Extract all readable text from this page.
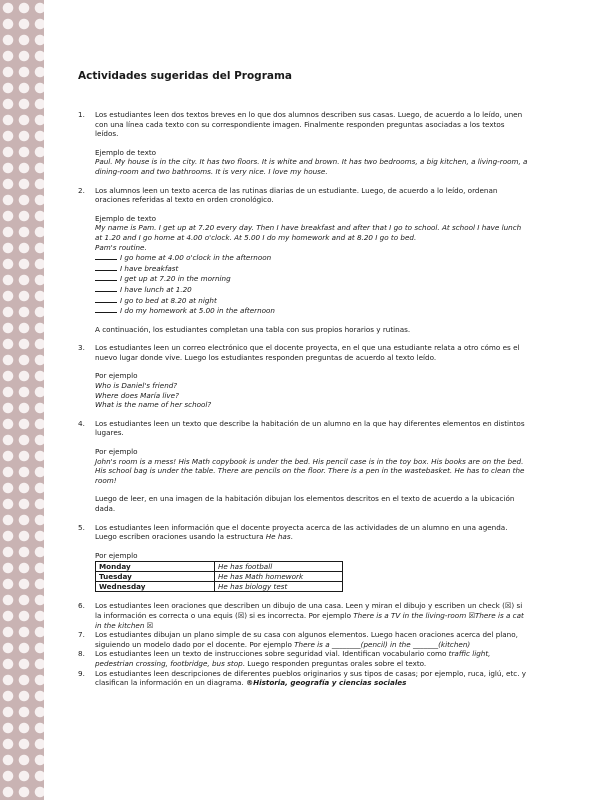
Actividades sugeridas del Programa
1. Los estudiantes leen dos textos breves en lo que dos alumnos describen sus casas. Luego, de acuerdo a lo leído, unen con una línea cada texto con su correspondiente imagen. Finalmente responden preguntas asociadas a los textos leídos.

Ejemplo de texto

Paul. My house is in the city. It has two floors. It is white and brown. It has two bedrooms, a big kitchen, a living-room, a dining-room and two bathrooms. It is very nice. I love my house.

2. Los alumnos leen un texto acerca de las rutinas diarias de un estudiante. Luego, de acuerdo a lo leído, ordenan oraciones referidas al texto en orden cronológico.

Ejemplo de texto

My name is Pam. I get up at 7.20 every day. Then I have breakfast and after that I go to school. At school I have lunch at 1.20 and I go home at 4.00 o'clock. At 5.00 I do my homework and at 8.20 I go to bed.

Pam's routine.

I go home at 4.00 o'clock in the afternoon

I have breakfast

I get up at 7.20 in the morning

I have lunch at 1.20

I go to bed at 8.20 at night

I do my homework at 5.00 in the afternoon

A continuación, los estudiantes completan una tabla con sus propios horarios y rutinas.

3. Los estudiantes leen un correo electrónico que el docente proyecta, en el que una estudiante relata a otro cómo es el nuevo lugar donde vive. Luego los estudiantes responden preguntas de acuerdo al texto leído.

Por ejemplo

Who is Daniel's friend?

Where does María live?

What is the name of her school?

4. Los estudiantes leen un texto que describe la habitación de un alumno en la que hay diferentes elementos en distintos lugares.

Por ejemplo

John's room is a mess! His Math copybook is under the bed. His pencil case is in the toy box. His books are on the bed. His school bag is under the table. There are pencils on the floor. There is a pen in the wastebasket. He has to clean the room!

Luego de leer, en una imagen de la habitación dibujan los elementos descritos en el texto de acuerdo a la ubicación dada.

5. Los estudiantes leen información que el docente proyecta acerca de las actividades de un alumno en una agenda. Luego escriben oraciones usando la estructura He has.

Por ejemplo

Monday	He has football
Tuesday	He has Math homework
Wednesday	He has biology test
6. Los estudiantes leen oraciones que describen un dibujo de una casa. Leen y miran el dibujo y escriben un check (☒) si la información es correcta o una equis (☒) si es incorrecta. Por ejemplo There is a TV in the living-room ☒There is a cat in the kitchen ☒

7. Los estudiantes dibujan un plano simple de su casa con algunos elementos. Luego hacen oraciones acerca del plano, siguiendo un modelo dado por el docente. Por ejemplo There is a ________(pencil) in the _______(kitchen)

8. Los estudiantes leen un texto de instrucciones sobre seguridad vial. Identifican vocabulario como traffic light, pedestrian crossing, footbridge, bus stop. Luego responden preguntas orales sobre el texto.

9. Los estudiantes leen descripciones de diferentes pueblos originarios y sus tipos de casas; por ejemplo, ruca, iglú, etc. y clasifican la información en un diagrama. ®Historia, geografía y ciencias sociales
